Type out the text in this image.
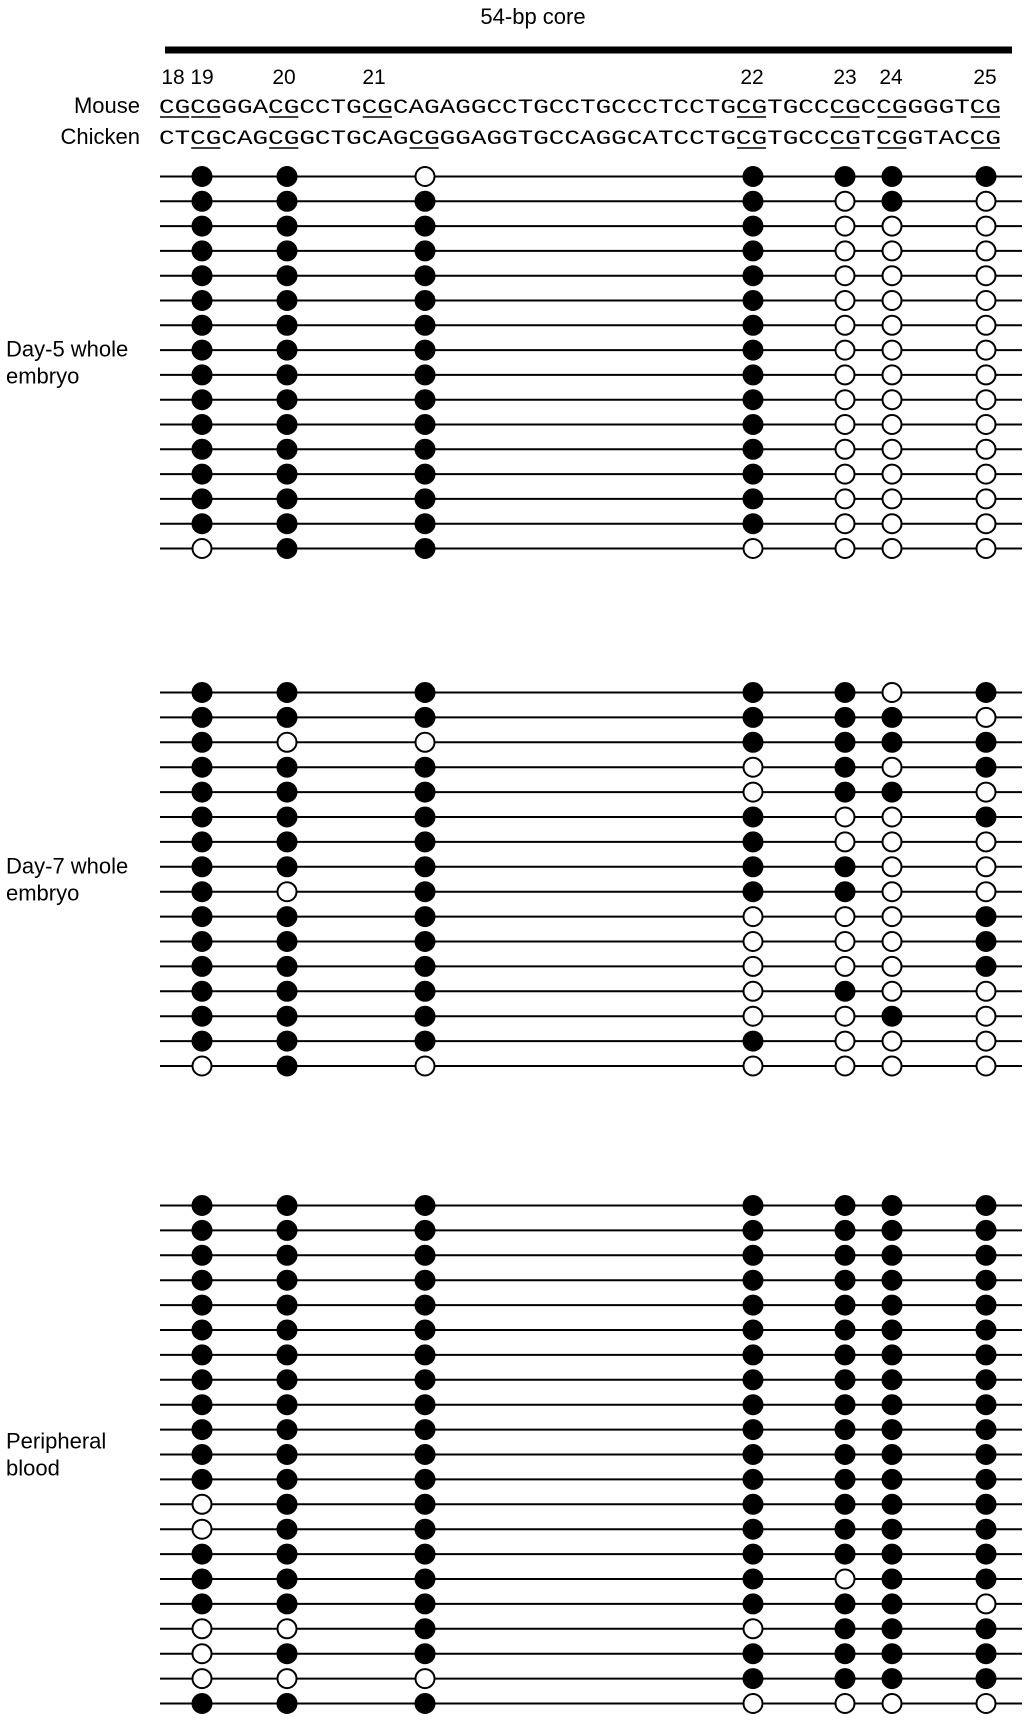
54-bp core
18 19	20	21	22	23 24	25
Mouse CGCGGGACGCCTGCGCAGAGGCCTGCCTGCCCTCCTGCGTGCCCGCCGGGGTCG
Chicken CTCGCAGCGGCTGCAGCGGGAGGTGCCAGGCATCCTGCGTGCCCGTCGGTACCG
Day-5 whole
embryo
Day-7 whole
embryo
Peripheral
blood
